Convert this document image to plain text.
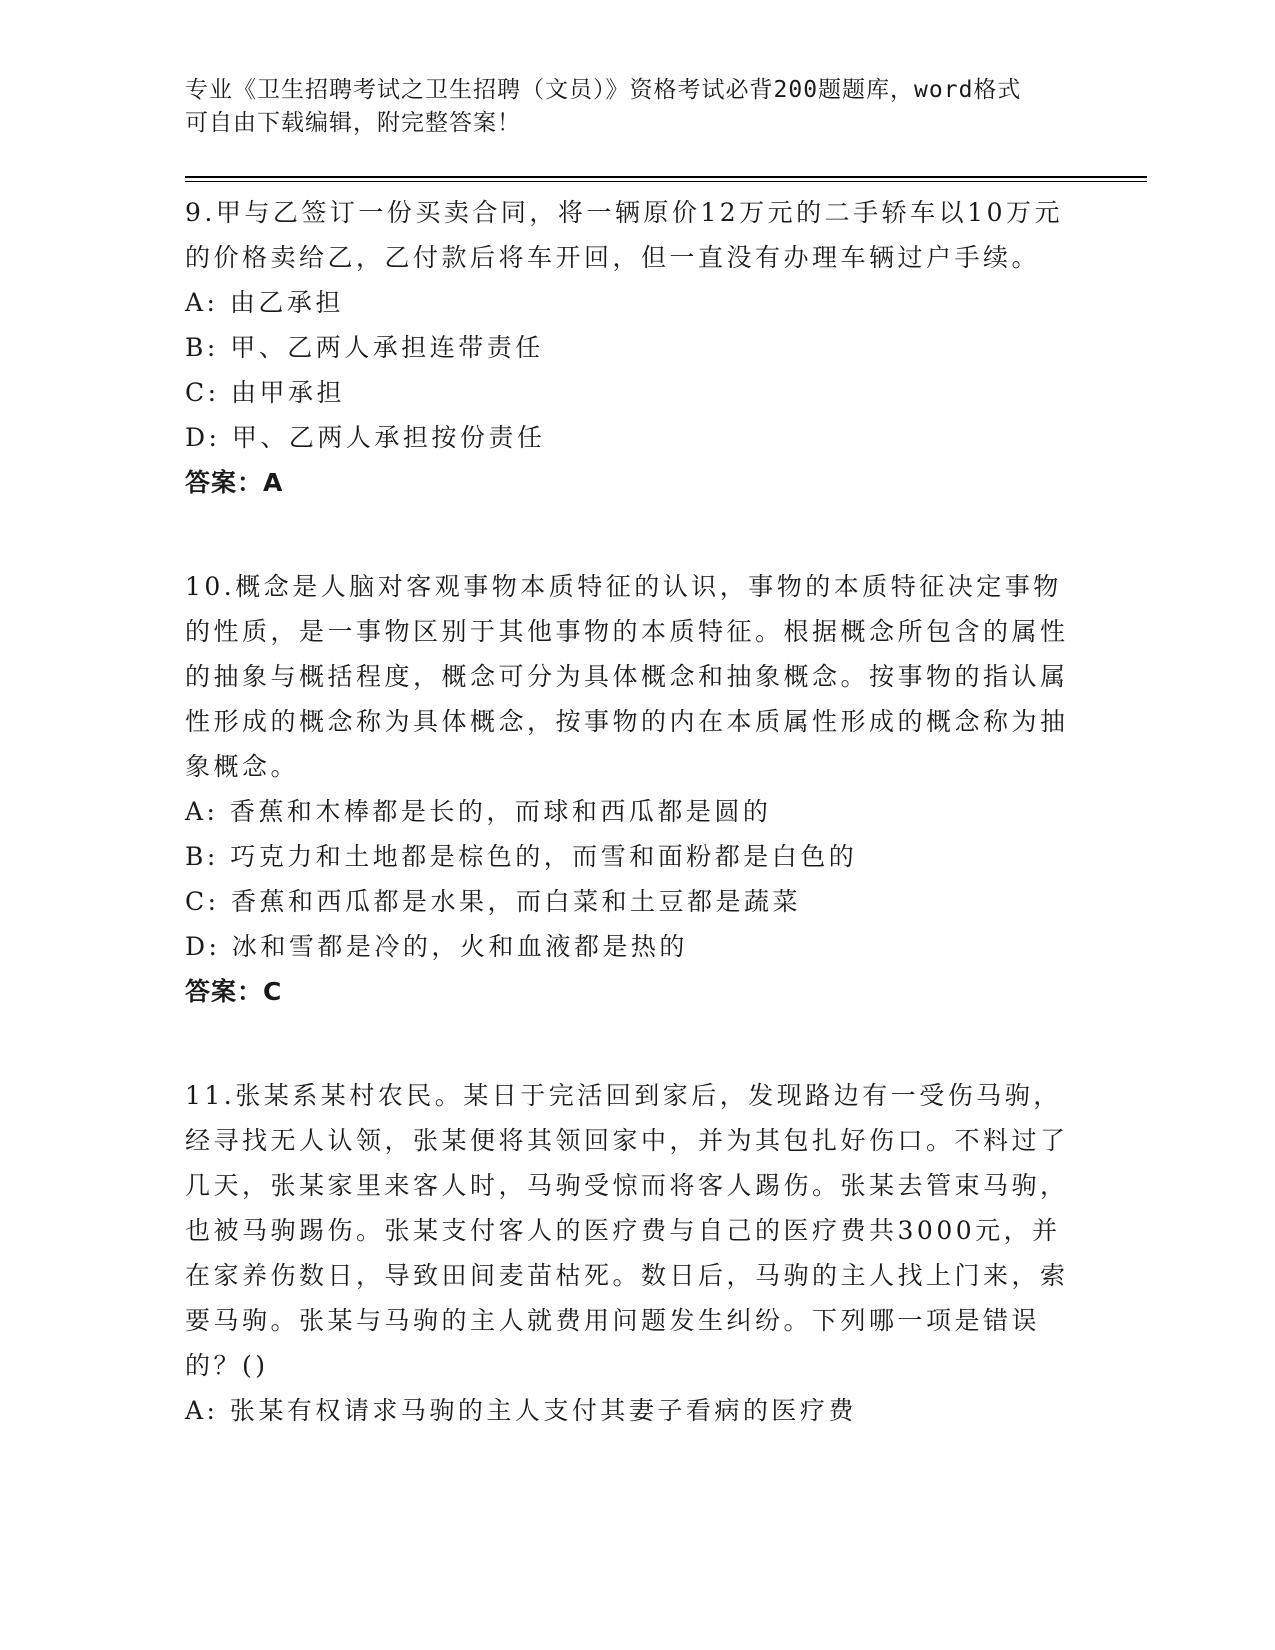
专业《卫生招聘考试之卫生招聘（文员）》资格考试必背200题题库，word格式
可自由下载编辑，附完整答案！

9.甲与乙签订一份买卖合同，将一辆原价12万元的二手轿车以10万元的价格卖给乙，乙付款后将车开回，但一直没有办理车辆过户手续。

A: 由乙承担
B: 甲、乙两人承担连带责任
C: 由甲承担
D: 甲、乙两人承担按份责任
答案：A

10.概念是人脑对客观事物本质特征的认识，事物的本质特征决定事物的性质，是一事物区别于其他事物的本质特征。根据概念所包含的属性的抽象与概括程度，概念可分为具体概念和抽象概念。按事物的指认属性形成的概念称为具体概念，按事物的内在本质属性形成的概念称为抽象概念。

A: 香蕉和木棒都是长的，而球和西瓜都是圆的
B: 巧克力和土地都是棕色的，而雪和面粉都是白色的
C: 香蕉和西瓜都是水果，而白菜和土豆都是蔬菜
D: 冰和雪都是冷的，火和血液都是热的
答案：C

11.张某系某村农民。某日于完活回到家后，发现路边有一受伤马驹，经寻找无人认领，张某便将其领回家中，并为其包扎好伤口。不料过了几天，张某家里来客人时，马驹受惊而将客人踢伤。张某去管束马驹，也被马驹踢伤。张某支付客人的医疗费与自己的医疗费共3000元，并在家养伤数日，导致田间麦苗枯死。数日后，马驹的主人找上门来，索要马驹。张某与马驹的主人就费用问题发生纠纷。下列哪一项是错误的？()

A: 张某有权请求马驹的主人支付其妻子看病的医疗费
